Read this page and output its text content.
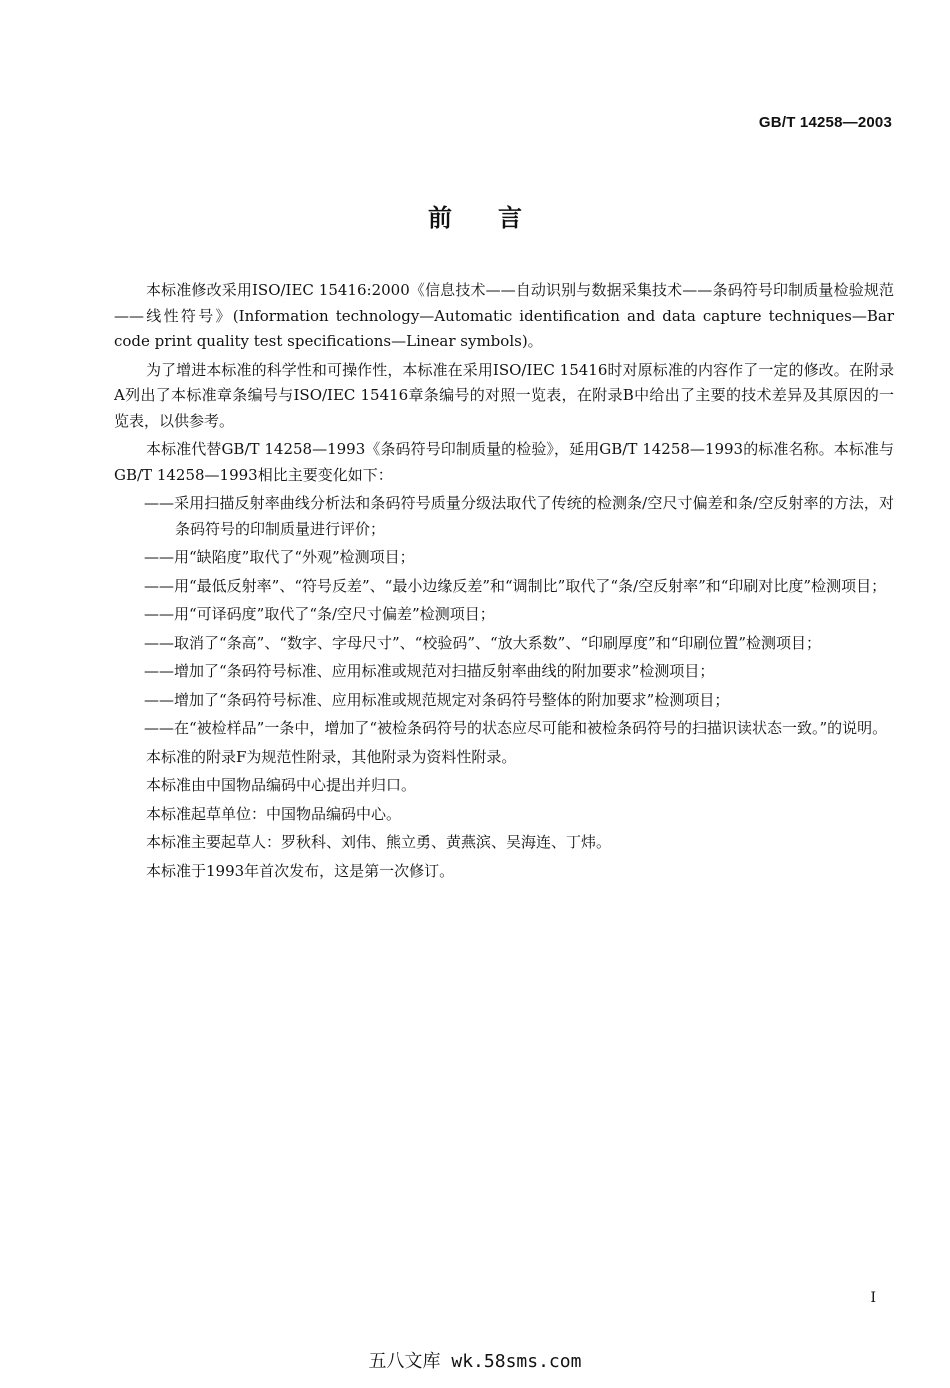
GB/T 14258—2003
前言

本标准修改采用ISO/IEC 15416:2000《信息技术——自动识别与数据采集技术——条码符号印制质量检验规范——线性符号》(Information technology—Automatic identification and data capture techniques—Bar code print quality test specifications—Linear symbols)。

为了增进本标准的科学性和可操作性，本标准在采用ISO/IEC 15416时对原标准的内容作了一定的修改。在附录A列出了本标准章条编号与ISO/IEC 15416章条编号的对照一览表，在附录B中给出了主要的技术差异及其原因的一览表，以供参考。

本标准代替GB/T 14258—1993《条码符号印制质量的检验》，延用GB/T 14258—1993的标准名称。本标准与GB/T 14258—1993相比主要变化如下：

——采用扫描反射率曲线分析法和条码符号质量分级法取代了传统的检测条/空尺寸偏差和条/空反射率的方法，对条码符号的印制质量进行评价；

——用“缺陷度”取代了“外观”检测项目；

——用“最低反射率”、“符号反差”、“最小边缘反差”和“调制比”取代了“条/空反射率”和“印刷对比度”检测项目；

——用“可译码度”取代了“条/空尺寸偏差”检测项目；

——取消了“条高”、“数字、字母尺寸”、“校验码”、“放大系数”、“印刷厚度”和“印刷位置”检测项目；

——增加了“条码符号标准、应用标准或规范对扫描反射率曲线的附加要求”检测项目；

——增加了“条码符号标准、应用标准或规范规定对条码符号整体的附加要求”检测项目；

——在“被检样品”一条中，增加了“被检条码符号的状态应尽可能和被检条码符号的扫描识读状态一致。”的说明。

本标准的附录F为规范性附录，其他附录为资料性附录。

本标准由中国物品编码中心提出并归口。

本标准起草单位：中国物品编码中心。

本标准主要起草人：罗秋科、刘伟、熊立勇、黄燕滨、吴海连、丁炜。

本标准于1993年首次发布，这是第一次修订。

I
五八文库 wk.58sms.com
